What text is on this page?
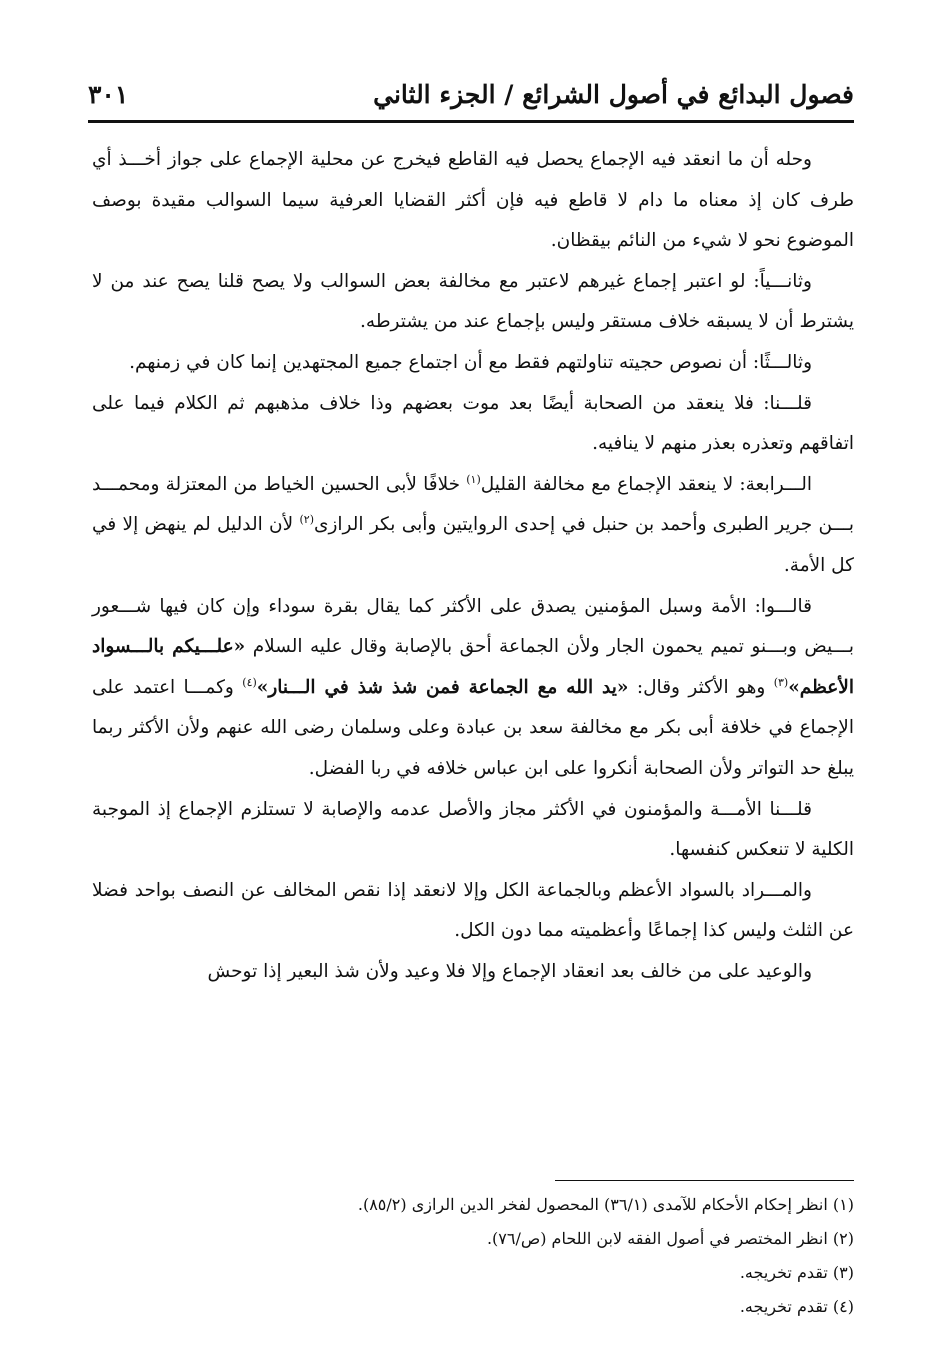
فصول البدائع في أصول الشرائع / الجزء الثاني
٣٠١

وحله أن ما انعقد فيه الإجماع يحصل فيه القاطع فيخرج عن محلية الإجماع على جواز أخـــذ أي طرف كان إذ معناه ما دام لا قاطع فيه فإن أكثر القضايا العرفية سيما السوالب مقيدة بوصف الموضوع نحو لا شيء من النائم بيقظان.

وثانـــياً: لو اعتبر إجماع غيرهم لاعتبر مع مخالفة بعض السوالب ولا يصح قلنا يصح عند من لا يشترط أن لا يسبقه خلاف مستقر وليس بإجماع عند من يشترطه.

وثالـــثًا: أن نصوص حجيته تناولتهم فقط مع أن اجتماع جميع المجتهدين إنما كان في زمنهم.

قلـــنا: فلا ينعقد من الصحابة أيضًا بعد موت بعضهم وذا خلاف مذهبهم ثم الكلام فيما على اتفاقهم وتعذره بعذر منهم لا ينافيه.

الـــرابعة: لا ينعقد الإجماع مع مخالفة القليل$^{(١)}$ خلافًا لأبى الحسين الخياط من المعتزلة ومحمـــد بـــن جرير الطبرى وأحمد بن حنبل في إحدى الروايتين وأبى بكر الرازى$^{(٢)}$ لأن الدليل لم ينهض إلا في كل الأمة.

قالـــوا: الأمة وسبل المؤمنين يصدق على الأكثر كما يقال بقرة سوداء وإن كان فيها شـــعور بـــيض وبـــنو تميم يحمون الجار ولأن الجماعة أحق بالإصابة وقال عليه السلام «علـــيكم بالـــسواد الأعظم»$^{(٣)}$ وهو الأكثر وقال: «يد الله مع الجماعة فمن شذ شذ في الـــنار»$^{(٤)}$ وكمـــا اعتمد على الإجماع في خلافة أبى بكر مع مخالفة سعد بن عبادة وعلى وسلمان رضى الله عنهم ولأن الأكثر ربما يبلغ حد التواتر ولأن الصحابة أنكروا على ابن عباس خلافه في ربا الفضل.

قلـــنا الأمـــة والمؤمنون في الأكثر مجاز والأصل عدمه والإصابة لا تستلزم الإجماع إذ الموجبة الكلية لا تنعكس كنفسها.

والمـــراد بالسواد الأعظم وبالجماعة الكل وإلا لانعقد إذا نقص المخالف عن النصف بواحد فضلا عن الثلث وليس كذا إجماعًا وأعظميته مما دون الكل.

والوعيد على من خالف بعد انعقاد الإجماع وإلا فلا وعيد ولأن شذ البعير إذا توحش

(١) انظر إحكام الأحكام للآمدى (٣٦/١) المحصول لفخر الدين الرازى (٨٥/٢).
(٢) انظر المختصر في أصول الفقه لابن اللحام (ص/٧٦).
(٣) تقدم تخريجه.
(٤) تقدم تخريجه.
